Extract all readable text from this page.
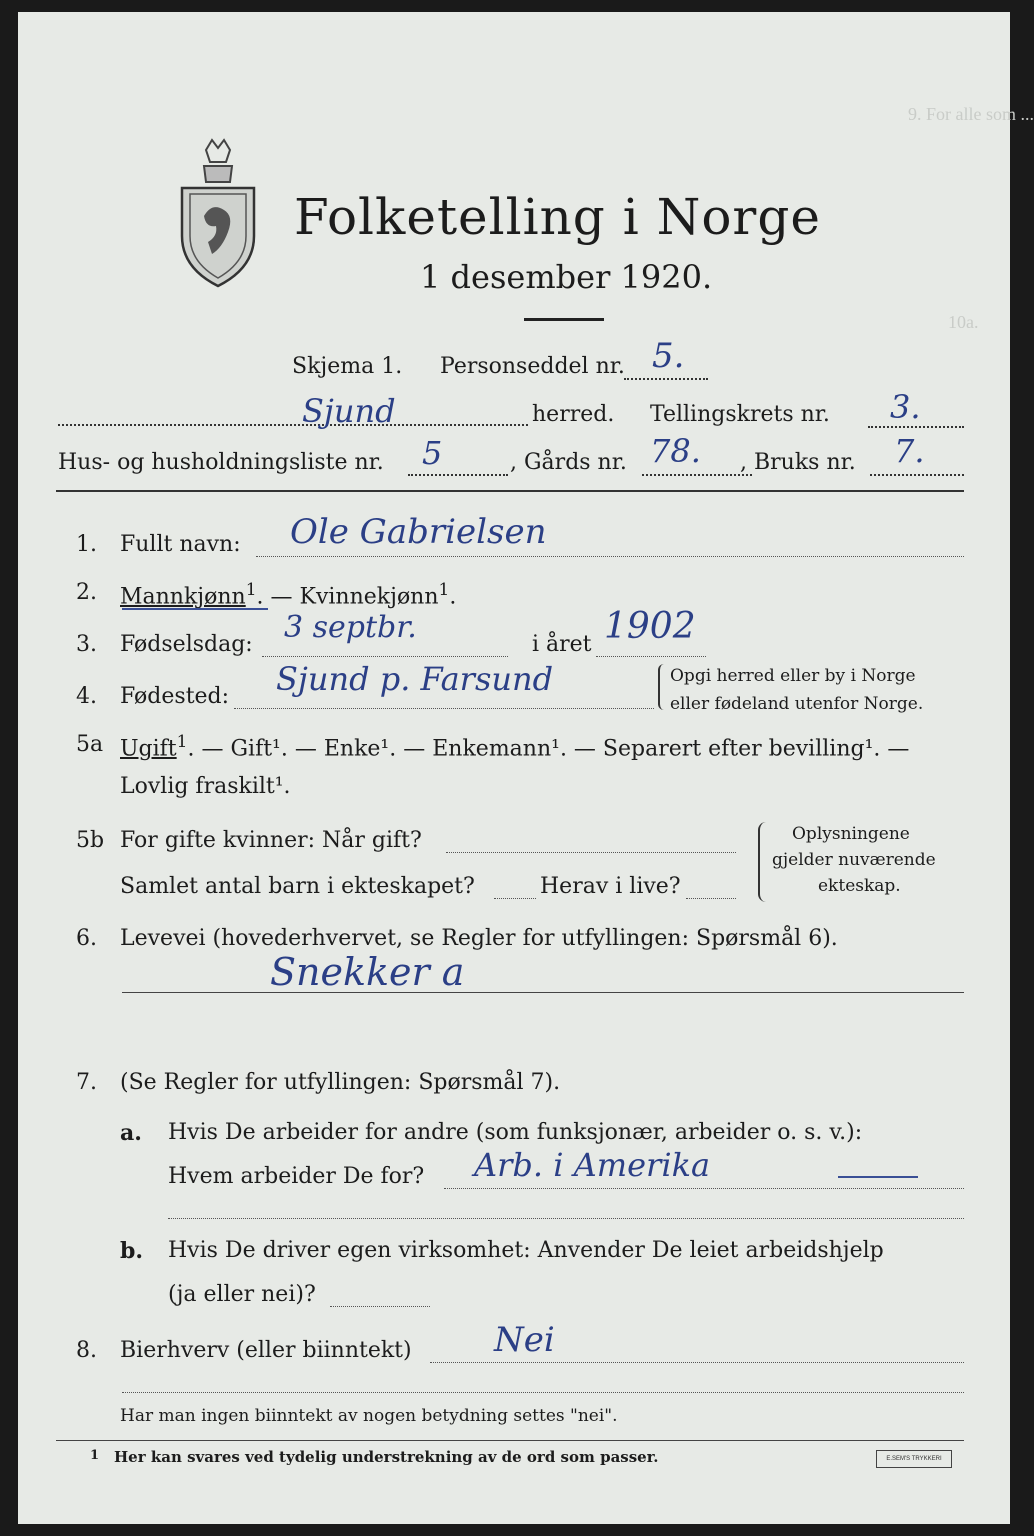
9. For alle som ...
10a.
Folketelling i Norge
1 desember 1920.
Skjema 1. Personseddel nr. 5.
Sjund	herred. Tellingskrets nr. 3.
Hus- og husholdningsliste nr. 5	, Gårds nr. 78. , Bruks nr. 7.
1. Fullt navn: Ole Gabrielsen
2. Mannkjønn$^1$. — Kvinnekjønn$^1$.
3. Fødselsdag: 3 septbr.	i året 1902
4. Fødested: Sjund p. Farsund	Opgi herred eller by i Norge
eller fødeland utenfor Norge.
5a Ugift$^1$. — Gift¹. — Enke¹. — Enkemann¹. — Separert efter bevilling¹. —
Lovlig fraskilt¹.
5b For gifte kvinner: Når gift?
Samlet antal barn i ekteskapet?	Herav i live?
Oplysningene
gjelder nuværende
ekteskap.
6. Levevei (hovederhvervet, se Regler for utfyllingen: Spørsmål 6).
Snekker a
7. (Se Regler for utfyllingen: Spørsmål 7).
a. Hvis De arbeider for andre (som funksjonær, arbeider o. s. v.):
Hvem arbeider De for? Arb. i Amerika
b. Hvis De driver egen virksomhet: Anvender De leiet arbeidshjelp
(ja eller nei)?
8. Bierhverv (eller biinntekt) Nei
Har man ingen biinntekt av nogen betydning settes "nei".
1 Her kan svares ved tydelig understrekning av de ord som passer.	E.SEM'S TRYKKERI
